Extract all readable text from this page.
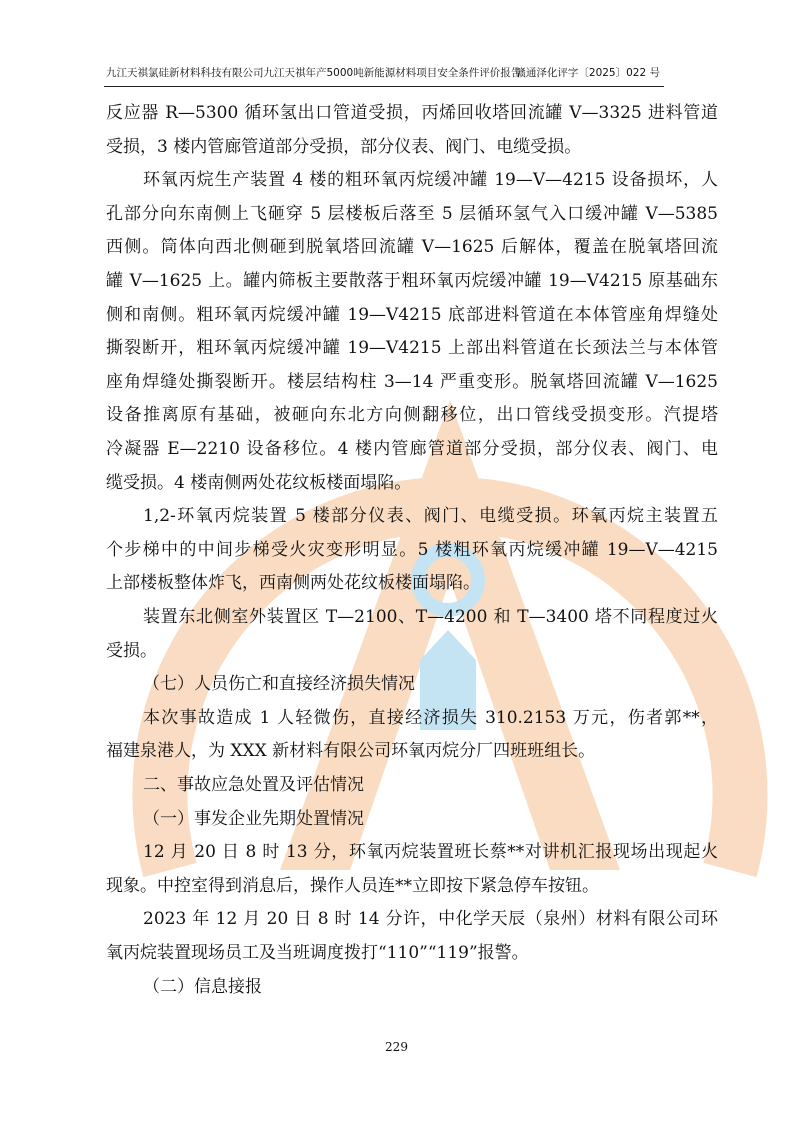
九江天祺氯硅新材料科技有限公司九江天祺年产5000吨新能源材料项目安全条件评价报告
赣通泽化评字〔2025〕022 号
反应器 R—5300 循环氢出口管道受损，丙烯回收塔回流罐 V—3325 进料管道
受损，3 楼内管廊管道部分受损，部分仪表、阀门、电缆受损。
环氧丙烷生产装置 4 楼的粗环氧丙烷缓冲罐 19—V—4215 设备损坏，人
孔部分向东南侧上飞砸穿 5 层楼板后落至 5 层循环氢气入口缓冲罐 V—5385
西侧。筒体向西北侧砸到脱氧塔回流罐 V—1625 后解体，覆盖在脱氧塔回流
罐 V—1625 上。罐内筛板主要散落于粗环氧丙烷缓冲罐 19—V4215 原基础东
侧和南侧。粗环氧丙烷缓冲罐 19—V4215 底部进料管道在本体管座角焊缝处
撕裂断开，粗环氧丙烷缓冲罐 19—V4215 上部出料管道在长颈法兰与本体管
座角焊缝处撕裂断开。楼层结构柱 3—14 严重变形。脱氧塔回流罐 V—1625
设备推离原有基础，被砸向东北方向侧翻移位，出口管线受损变形。汽提塔
冷凝器 E—2210 设备移位。4 楼内管廊管道部分受损，部分仪表、阀门、电
缆受损。4 楼南侧两处花纹板楼面塌陷。
1,2-环氧丙烷装置 5 楼部分仪表、阀门、电缆受损。环氧丙烷主装置五
个步梯中的中间步梯受火灾变形明显。5 楼粗环氧丙烷缓冲罐 19—V—4215
上部楼板整体炸飞，西南侧两处花纹板楼面塌陷。
装置东北侧室外装置区 T—2100、T—4200 和 T—3400 塔不同程度过火
受损。
（七）人员伤亡和直接经济损失情况
本次事故造成 1 人轻微伤，直接经济损失 310.2153 万元，伤者郭**，
福建泉港人，为 XXX 新材料有限公司环氧丙烷分厂四班班组长。
二、事故应急处置及评估情况
（一）事发企业先期处置情况
12 月 20 日 8 时 13 分，环氧丙烷装置班长蔡**对讲机汇报现场出现起火
现象。中控室得到消息后，操作人员连**立即按下紧急停车按钮。
2023 年 12 月 20 日 8 时 14 分许，中化学天辰（泉州）材料有限公司环
氧丙烷装置现场员工及当班调度拨打“110”“119”报警。
（二）信息接报
229
